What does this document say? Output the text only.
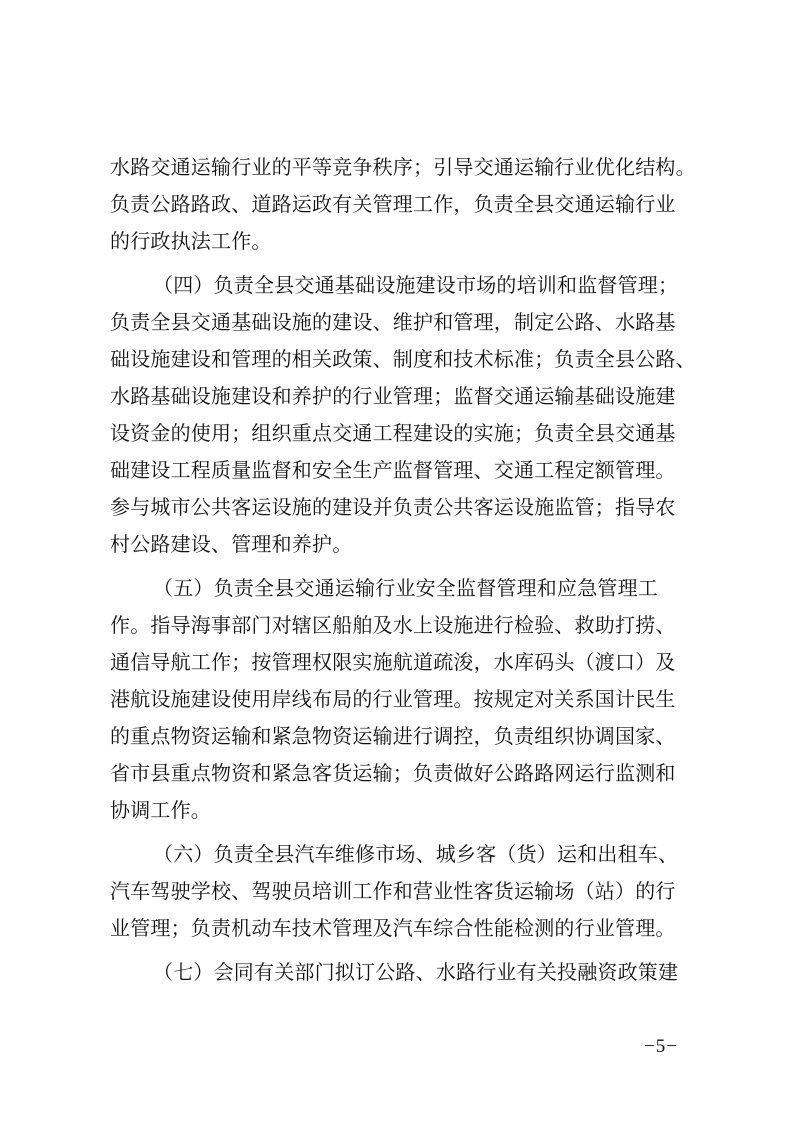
水路交通运输行业的平等竞争秩序；引导交通运输行业优化结构。
负责公路路政、道路运政有关管理工作，负责全县交通运输行业
的行政执法工作。
（四）负责全县交通基础设施建设市场的培训和监督管理；
负责全县交通基础设施的建设、维护和管理，制定公路、水路基
础设施建设和管理的相关政策、制度和技术标准；负责全县公路、
水路基础设施建设和养护的行业管理；监督交通运输基础设施建
设资金的使用；组织重点交通工程建设的实施；负责全县交通基
础建设工程质量监督和安全生产监督管理、交通工程定额管理。
参与城市公共客运设施的建设并负责公共客运设施监管；指导农
村公路建设、管理和养护。
（五）负责全县交通运输行业安全监督管理和应急管理工
作。指导海事部门对辖区船舶及水上设施进行检验、救助打捞、
通信导航工作；按管理权限实施航道疏浚，水库码头（渡口）及
港航设施建设使用岸线布局的行业管理。按规定对关系国计民生
的重点物资运输和紧急物资运输进行调控，负责组织协调国家、
省市县重点物资和紧急客货运输；负责做好公路路网运行监测和
协调工作。
（六）负责全县汽车维修市场、城乡客（货）运和出租车、
汽车驾驶学校、驾驶员培训工作和营业性客货运输场（站）的行
业管理；负责机动车技术管理及汽车综合性能检测的行业管理。
（七）会同有关部门拟订公路、水路行业有关投融资政策建
−5−
